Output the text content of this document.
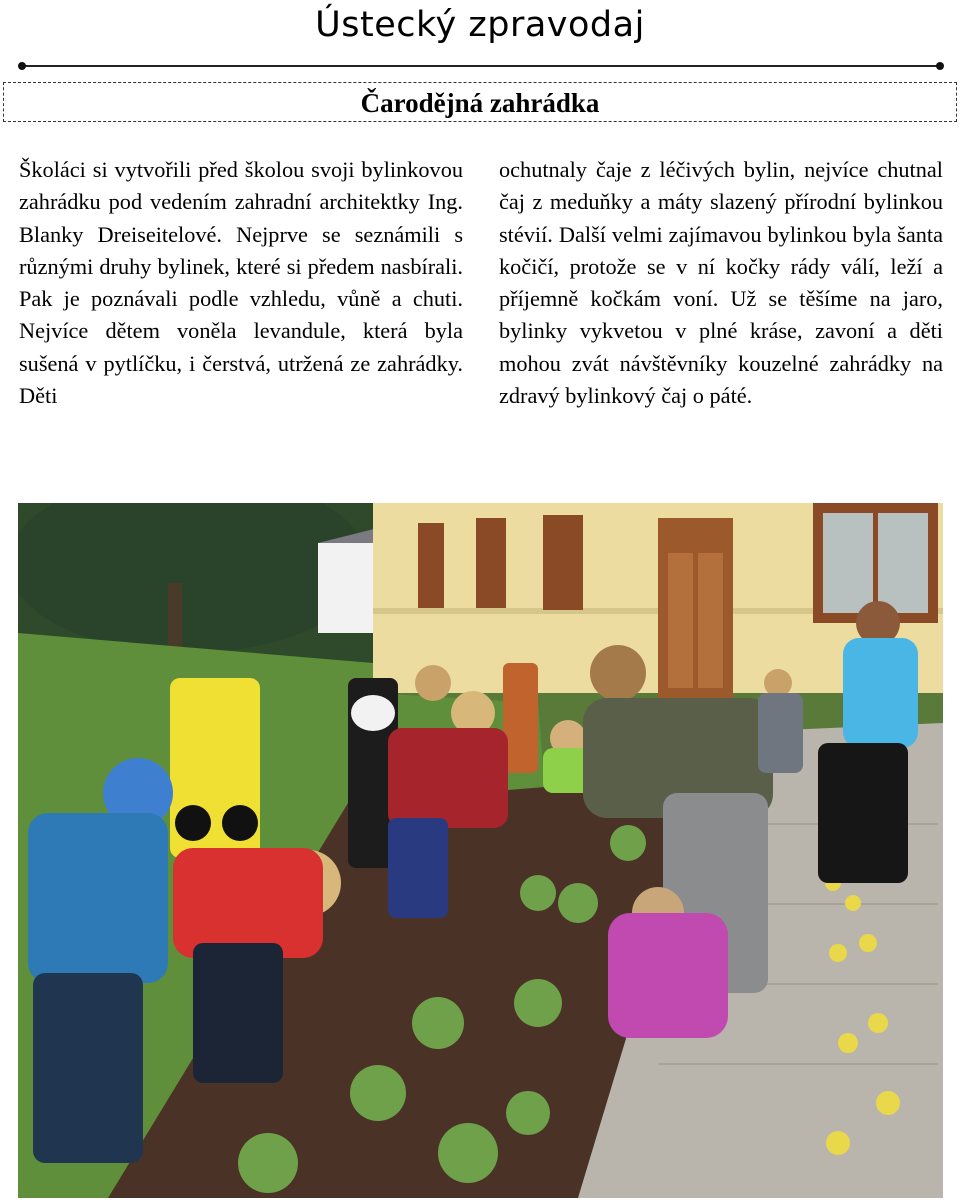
Ústecký zpravodaj
Čarodějná zahrádka
Školáci si vytvořili před školou svoji bylinkovou zahrádku pod vedením zahradní architektky Ing. Blanky Dreiseitelové. Nejprve se seznámili s různými druhy bylinek, které si předem nasbírali. Pak je poznávali podle vzhledu, vůně a chuti. Nejvíce dětem voněla levandule, která byla sušená v pytlíčku, i čerstvá, utržená ze zahrádky. Děti
ochutnaly čaje z léčivých bylin, nejvíce chutnal čaj z meduňky a máty slazený přírodní bylinkou stévií. Další velmi zajímavou bylinkou byla šanta kočičí, protože se v ní kočky rády válí, leží a příjemně kočkám voní. Už se těšíme na jaro, bylinky vykvetou v plné kráse, zavoní a děti mohou zvát návštěvníky kouzelné zahrádky na zdravý bylinkový čaj o páté.
